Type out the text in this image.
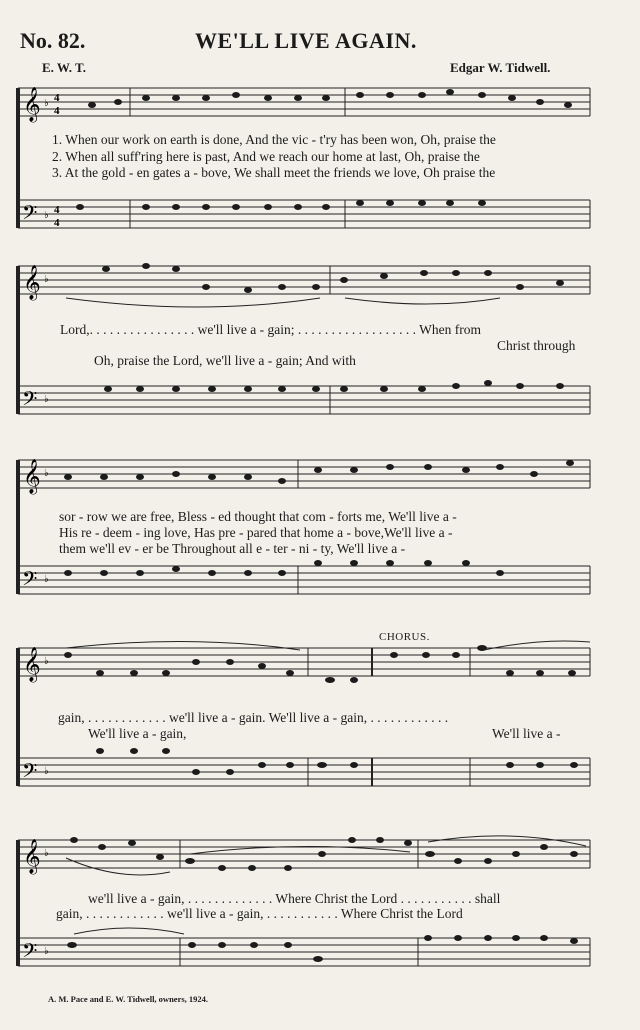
No. 82.	WE'LL LIVE AGAIN.
E. W. T.	Edgar W. Tidwell.
𝄞
𝄢
♭
♭
4
4
4
4
1. When our work on earth is done, And the vic - t'ry has been won, Oh, praise the
2. When all suff'ring here is past, And we reach our home at last, Oh, praise the
3. At the gold - en gates a - bove, We shall meet the friends we love, Oh praise the
𝄞
𝄢
♭
♭
Lord,. . . . . . . . . . . . . . . . we'll live a - gain; . . . . . . . . . . . . . . . . . . When from
Christ through
Oh, praise the Lord, we'll live a - gain; And with
𝄞
𝄢
♭
♭
sor - row we are free, Bless - ed thought that com - forts me, We'll live a -
His re - deem - ing love, Has pre - pared that home a - bove,We'll live a -
them we'll ev - er be Throughout all e - ter - ni - ty, We'll live a -
CHORUS.
𝄞
𝄢
♭
♭
gain, . . . . . . . . . . . . we'll live a - gain. We'll live a - gain, . . . . . . . . . . . .
We'll live a - gain,	We'll live a -
𝄞
𝄢
♭
♭
we'll live a - gain, . . . . . . . . . . . . . Where Christ the Lord . . . . . . . . . . . shall
gain, . . . . . . . . . . . . we'll live a - gain, . . . . . . . . . . . Where Christ the Lord
A. M. Pace and E. W. Tidwell, owners, 1924.
